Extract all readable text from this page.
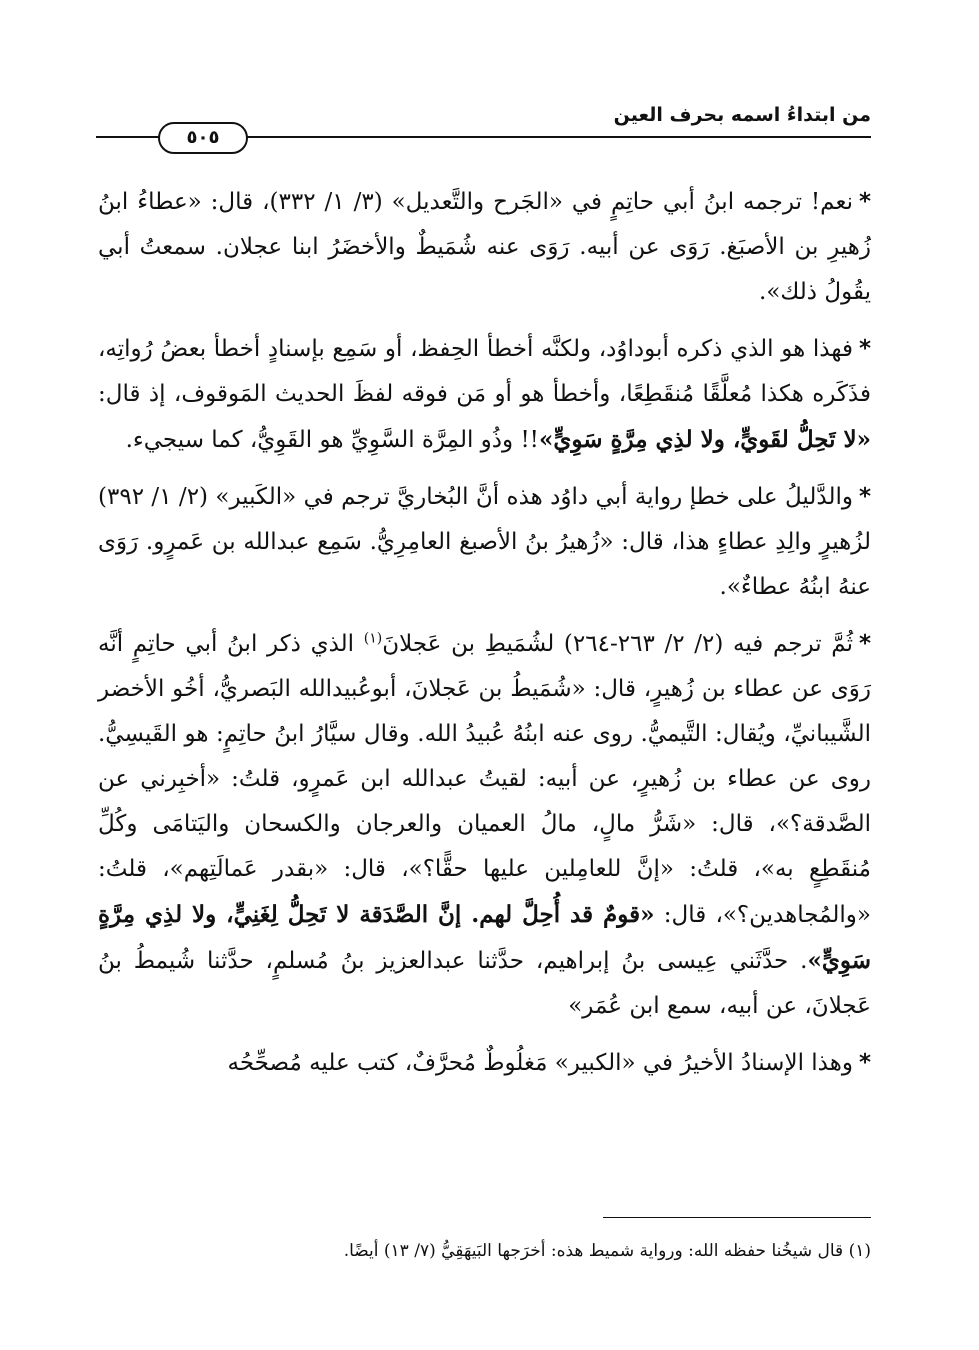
من ابتداءُ اسمه بحرف العين
٥٠٥

*نعم! ترجمه ابنُ أبي حاتِمٍ في «الجَرح والتَّعديل» (٣/ ١/ ٣٣٢)، قال: «عطاءُ ابنُ زُهيرِ بن الأصبَغ. رَوَى عن أبيه. رَوَى عنه شُمَيطٌ والأخضَرُ ابنا عجلان. سمعتُ أبي يقُولُ ذلك».

*فهذا هو الذي ذكره أبوداوُد، ولكنَّه أخطأ الحِفظ، أو سَمِع بإسنادٍ أخطأ بعضُ رُواتِه، فذَكَره هكذا مُعلَّقًا مُنقَطِعًا، وأخطأ هو أو مَن فوقه لفظَ الحديث المَوقوف، إذ قال: «لا تَحِلُّ لقَويٍّ، ولا لذِي مِرَّةٍ سَوِيٍّ»!! وذُو المِرَّة السَّوِيِّ هو القَوِيُّ، كما سيجيء.

*والدَّليلُ على خطإ رواية أبي داوُد هذه أنَّ البُخاريَّ ترجم في «الكَبير» (٢/ ١/ ٣٩٢) لزُهيرٍ والِدِ عطاءٍ هذا، قال: «زُهيرُ بنُ الأصبغ العامِرِيُّ. سَمِع عبدالله بن عَمرٍو. رَوَى عنهُ ابنُهُ عطاءٌ».

*ثُمَّ ترجم فيه (٢/ ٢/ ٢٦٣-٢٦٤) لشُمَيطِ بن عَجلانَ$^{(١)}$ الذي ذكر ابنُ أبي حاتِمٍ أنَّه رَوَى عن عطاء بن زُهيرٍ، قال: «شُمَيطُ بن عَجلانَ، أبوعُبيدالله البَصريُّ، أخُو الأخضر الشَّيبانيِّ، ويُقال: التَّيميُّ. روى عنه ابنُهُ عُبيدُ الله. وقال سيَّارُ ابنُ حاتِمٍ: هو القَيسِيُّ. روى عن عطاء بن زُهيرٍ، عن أبيه: لقيتُ عبدالله ابن عَمرٍو، قلتُ: «أخبِرني عن الصَّدقة؟»، قال: «شَرُّ مالٍ، مالُ العميان والعرجان والكسحان واليَتامَى وكُلِّ مُنقَطِعٍ به»، قلتُ: «إنَّ للعامِلين عليها حقًّا؟»، قال: «بقدر عَمالَتِهم»، قلتُ: «والمُجاهدين؟»، قال: «قومٌ قد أُحِلَّ لهم. إنَّ الصَّدَقة لا تَحِلُّ لِغَنِيٍّ، ولا لذِي مِرَّةٍ سَوِيٍّ». حدَّثَني عِيسى بنُ إبراهيم، حدَّثنا عبدالعزيز بنُ مُسلمٍ، حدَّثنا شُيمطُ بنُ عَجلانَ، عن أبيه، سمع ابن عُمَر»

*وهذا الإسنادُ الأخيرُ في «الكبير» مَغلُوطٌ مُحرَّفٌ، كتب عليه مُصحِّحُه

(١) قال شيخُنا حفظه الله: ورواية شميط هذه: أخرَجها البَيهَقِيُّ (٧/ ١٣) أيضًا.
